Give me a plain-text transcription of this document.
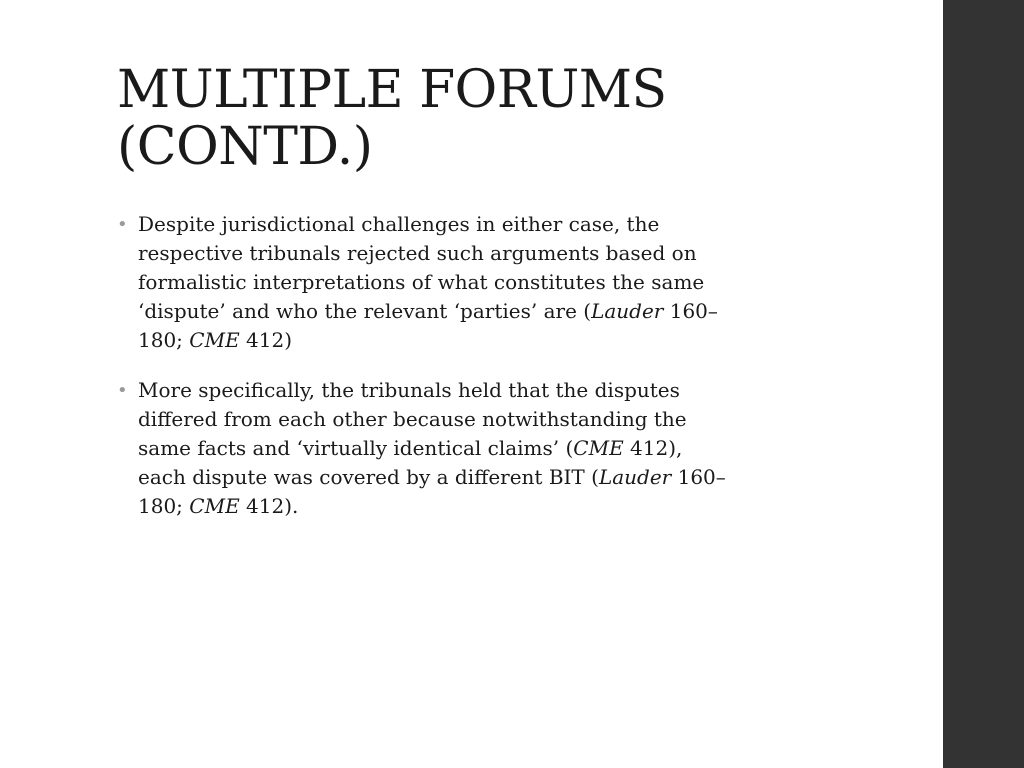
MULTIPLE FORUMS
(CONTD.)
• Despite jurisdictional challenges in either case, the
respective tribunals rejected such arguments based on
formalistic interpretations of what constitutes the same
‘dispute’ and who the relevant ‘parties’ are (Lauder 160–
180; CME 412)
• More specifically, the tribunals held that the disputes
differed from each other because notwithstanding the
same facts and ‘virtually identical claims’ (CME 412),
each dispute was covered by a different BIT (Lauder 160–
180; CME 412).
